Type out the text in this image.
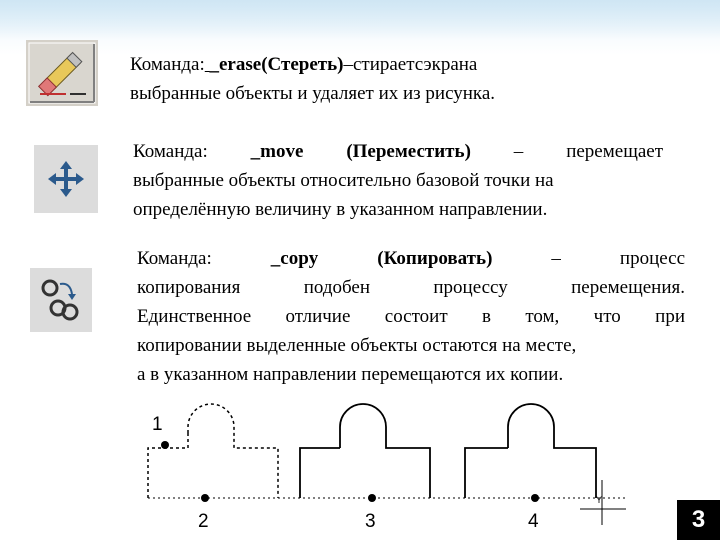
Команда: _erase(Стереть)–стираетсэкрана
выбранные объекты и удаляет их из рисунка.
Команда: _move (Переместить) – перемещает
выбранные объекты относительно базовой точки на
определённую величину в указанном направлении.
Команда:	_copy (Копировать)	– процесс
копирования подобен процессу перемещения.
Единственное отличие состоит в том, что при
копировании выделенные объекты остаются на месте,
а в указанном направлении перемещаются их копии.
Y
1
2	3	4	3
